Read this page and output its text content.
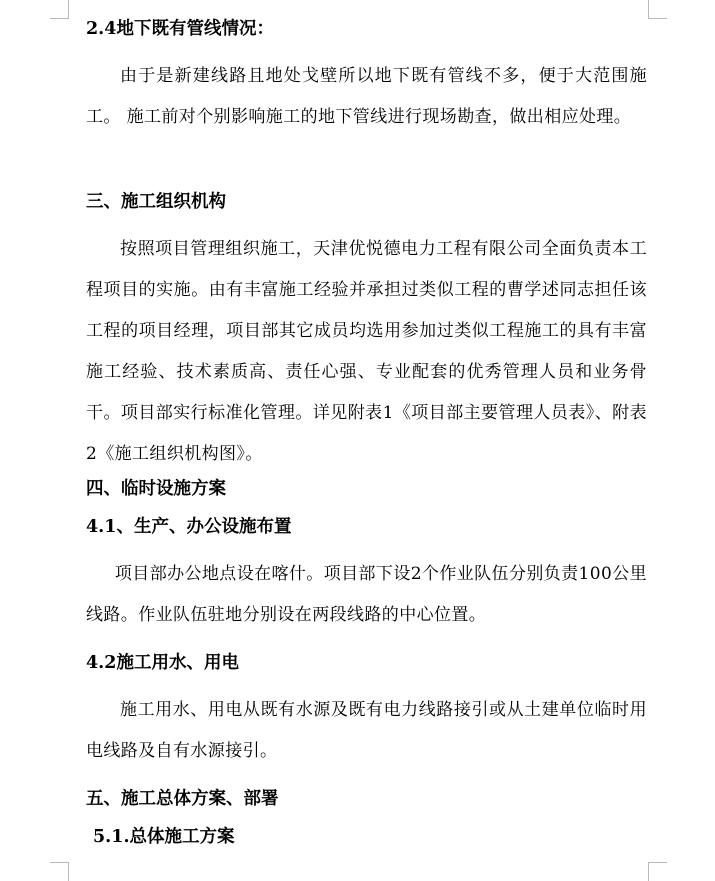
2.4地下既有管线情况：

由于是新建线路且地处戈壁所以地下既有管线不多，便于大范围施工。 施工前对个别影响施工的地下管线进行现场勘查，做出相应处理。

三、施工组织机构

按照项目管理组织施工，天津优悦德电力工程有限公司全面负责本工程项目的实施。由有丰富施工经验并承担过类似工程的曹学述同志担任该工程的项目经理，项目部其它成员均选用参加过类似工程施工的具有丰富施工经验、技术素质高、责任心强、专业配套的优秀管理人员和业务骨干。项目部实行标准化管理。详见附表1《项目部主要管理人员表》、附表2《施工组织机构图》。

四、临时设施方案
4.1、生产、办公设施布置

项目部办公地点设在喀什。项目部下设2个作业队伍分别负责100公里线路。作业队伍驻地分别设在两段线路的中心位置。

4.2施工用水、用电

施工用水、用电从既有水源及既有电力线路接引或从土建单位临时用电线路及自有水源接引。

五、施工总体方案、部署
5.1.总体施工方案
